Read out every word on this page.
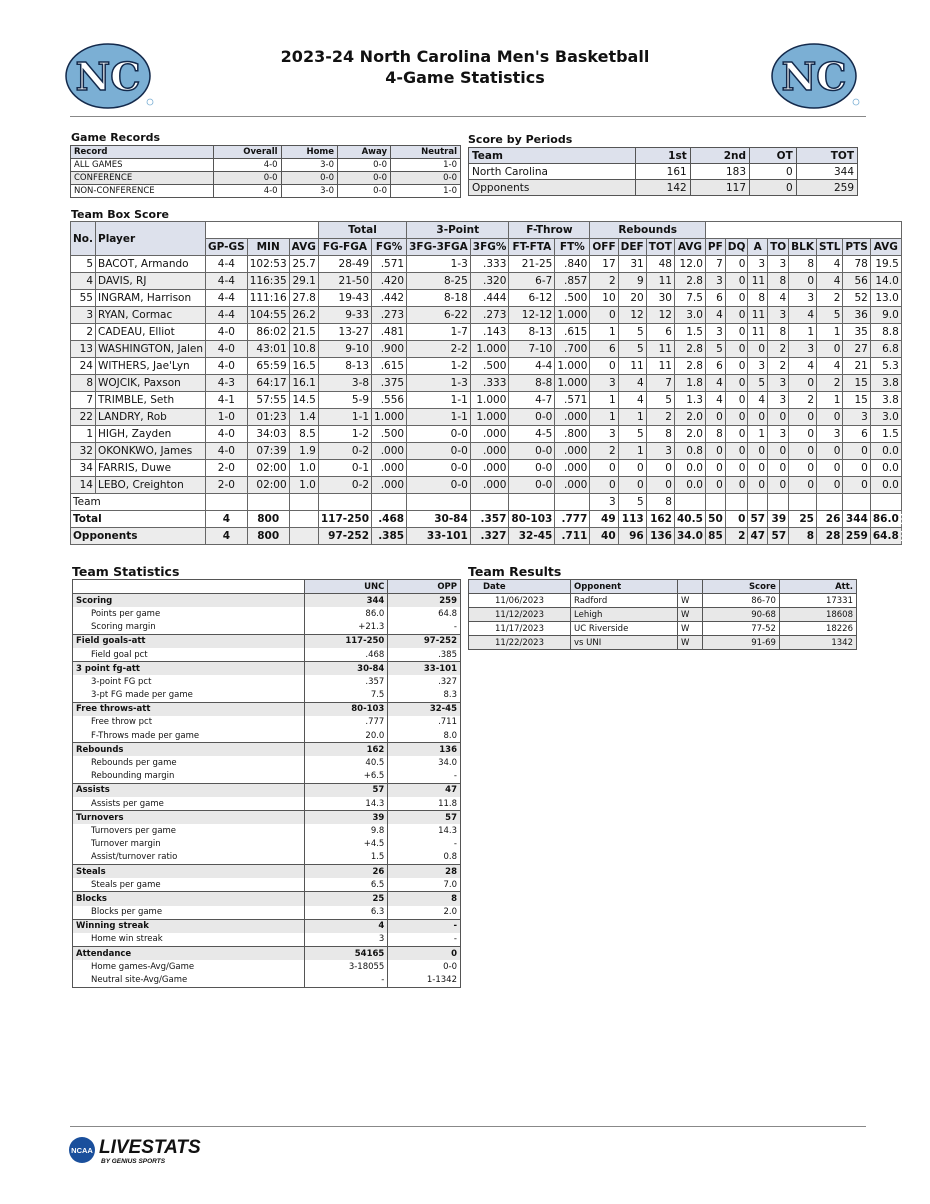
NC	NC
2023-24 North Carolina Men's Basketball
4-Game Statistics
Game Records
Record	Overall	Home	Away	Neutral
ALL GAMES	4-0	3-0	0-0	1-0
CONFERENCE	0-0	0-0	0-0	0-0
NON-CONFERENCE	4-0	3-0	0-0	1-0
Score by Periods
Team	1st	2nd	OT	TOT
North Carolina	161	183	0	344
Opponents	142	117	0	259
Team Box Score
No.	Player				Total		3-Point		F-Throw		Rebounds											
		GP-GS	MIN	AVG	FG-FGA	FG%	3FG-3FGA	3FG%	FT-FTA	FT%	OFF	DEF	TOT	AVG	PF	DQ	A	TO	BLK	STL	PTS	AVG
5	BACOT, Armando	4-4	102:53	25.7	28-49	.571	1-3	.333	21-25	.840	17	31	48	12.0	7	0	3	3	8	4	78	19.5
4	DAVIS, RJ	4-4	116:35	29.1	21-50	.420	8-25	.320	6-7	.857	2	9	11	2.8	3	0	11	8	0	4	56	14.0
55	INGRAM, Harrison	4-4	111:16	27.8	19-43	.442	8-18	.444	6-12	.500	10	20	30	7.5	6	0	8	4	3	2	52	13.0
3	RYAN, Cormac	4-4	104:55	26.2	9-33	.273	6-22	.273	12-12	1.000	0	12	12	3.0	4	0	11	3	4	5	36	9.0
2	CADEAU, Elliot	4-0	86:02	21.5	13-27	.481	1-7	.143	8-13	.615	1	5	6	1.5	3	0	11	8	1	1	35	8.8
13	WASHINGTON, Jalen	4-0	43:01	10.8	9-10	.900	2-2	1.000	7-10	.700	6	5	11	2.8	5	0	0	2	3	0	27	6.8
24	WITHERS, Jae'Lyn	4-0	65:59	16.5	8-13	.615	1-2	.500	4-4	1.000	0	11	11	2.8	6	0	3	2	4	4	21	5.3
8	WOJCIK, Paxson	4-3	64:17	16.1	3-8	.375	1-3	.333	8-8	1.000	3	4	7	1.8	4	0	5	3	0	2	15	3.8
7	TRIMBLE, Seth	4-1	57:55	14.5	5-9	.556	1-1	1.000	4-7	.571	1	4	5	1.3	4	0	4	3	2	1	15	3.8
22	LANDRY, Rob	1-0	01:23	1.4	1-1	1.000	1-1	1.000	0-0	.000	1	1	2	2.0	0	0	0	0	0	0	3	3.0
1	HIGH, Zayden	4-0	34:03	8.5	1-2	.500	0-0	.000	4-5	.800	3	5	8	2.0	8	0	1	3	0	3	6	1.5
32	OKONKWO, James	4-0	07:39	1.9	0-2	.000	0-0	.000	0-0	.000	2	1	3	0.8	0	0	0	0	0	0	0	0.0
34	FARRIS, Duwe	2-0	02:00	1.0	0-1	.000	0-0	.000	0-0	.000	0	0	0	0.0	0	0	0	0	0	0	0	0.0
14	LEBO, Creighton	2-0	02:00	1.0	0-2	.000	0-0	.000	0-0	.000	0	0	0	0.0	0	0	0	0	0	0	0	0.0
Team											3	5	8									
Total		4	800		117-250	.468	30-84	.357	80-103	.777	49	113	162	40.5	50	0	57	39	25	26	344	86.0
Opponents		4	800		97-252	.385	33-101	.327	32-45	.711	40	96	136	34.0	85	2	47	57	8	28	259	64.8
Team Statistics
	UNC	OPP
Scoring	344	259
Points per game	86.0	64.8
Scoring margin	+21.3	-
Field goals-att	117-250	97-252
Field goal pct	.468	.385
3 point fg-att	30-84	33-101
3-point FG pct	.357	.327
3-pt FG made per game	7.5	8.3
Free throws-att	80-103	32-45
Free throw pct	.777	.711
F-Throws made per game	20.0	8.0
Rebounds	162	136
Rebounds per game	40.5	34.0
Rebounding margin	+6.5	-
Assists	57	47
Assists per game	14.3	11.8
Turnovers	39	57
Turnovers per game	9.8	14.3
Turnover margin	+4.5	-
Assist/turnover ratio	1.5	0.8
Steals	26	28
Steals per game	6.5	7.0
Blocks	25	8
Blocks per game	6.3	2.0
Winning streak	4	-
Home win streak	3	-
Attendance	54165	0
Home games-Avg/Game	3-18055	0-0
Neutral site-Avg/Game	-	1-1342
Team Results
Date	Opponent		Score	Att.
11/06/2023	Radford	W	86-70	17331
11/12/2023	Lehigh	W	90-68	18608
11/17/2023	UC Riverside	W	77-52	18226
11/22/2023	vs UNI	W	91-69	1342
NCAA LIVESTATS
BY GENIUS SPORTS
